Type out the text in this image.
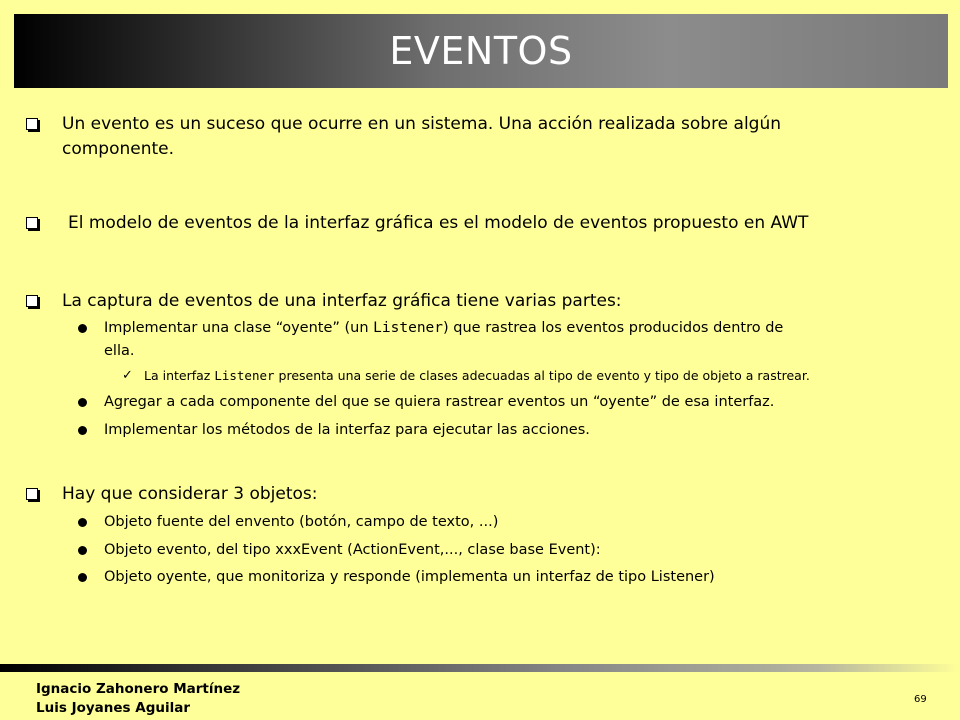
EVENTOS
Un evento es un suceso que ocurre en un sistema. Una acción realizada sobre algún
componente.
El modelo de eventos de la interfaz gráfica es el modelo de eventos propuesto en AWT
La captura de eventos de una interfaz gráfica tiene varias partes:
Implementar una clase “oyente” (un Listener) que rastrea los eventos producidos dentro de
ella.
✓ La interfaz Listener presenta una serie de clases adecuadas al tipo de evento y tipo de objeto a rastrear.
Agregar a cada componente del que se quiera rastrear eventos un “oyente” de esa interfaz.
Implementar los métodos de la interfaz para ejecutar las acciones.
Hay que considerar 3 objetos:
Objeto fuente del envento (botón, campo de texto, ...)
Objeto evento, del tipo xxxEvent (ActionEvent,..., clase base Event):
Objeto oyente, que monitoriza y responde (implementa un interfaz de tipo Listener)
Ignacio Zahonero Martínez
Luis Joyanes Aguilar
69
